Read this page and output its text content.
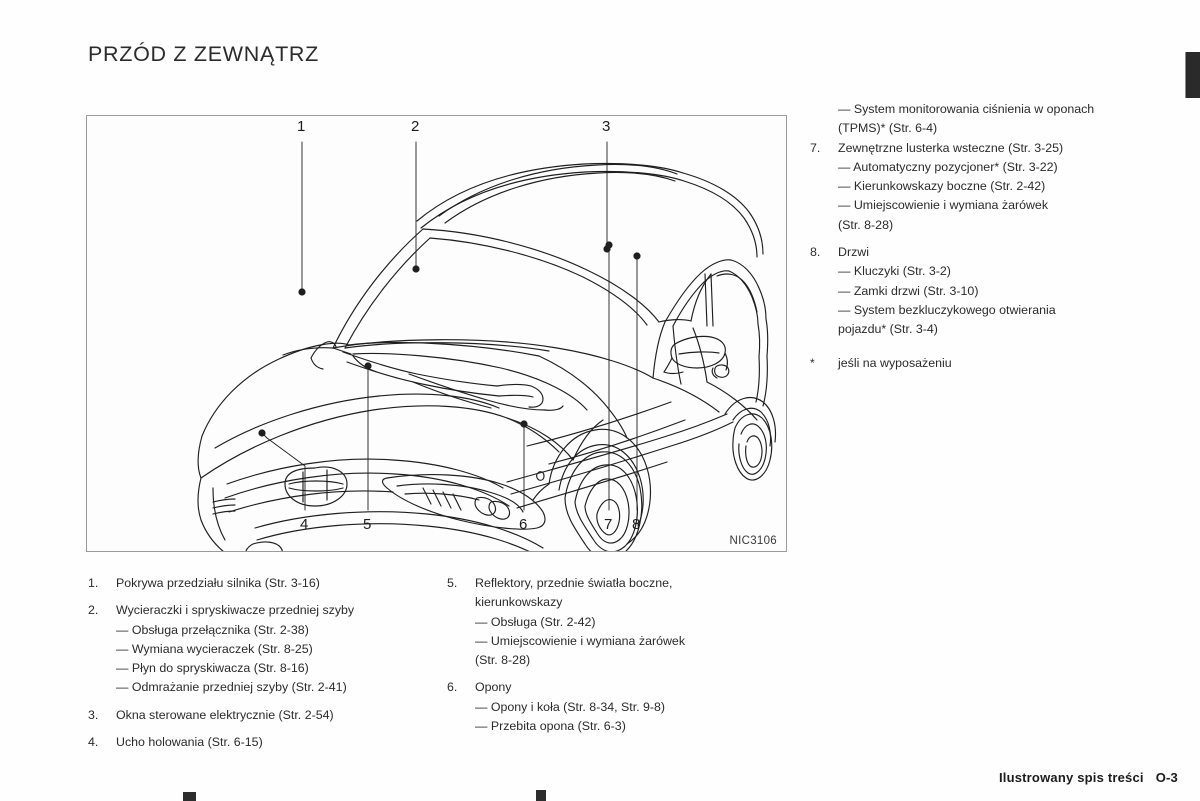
PRZÓD Z ZEWNĄTRZ
1	2	3
4	5	6	7 8
NIC3106
1.	Pokrywa przedziału silnika (Str. 3-16)
2.	Wycieraczki i spryskiwacze przedniej szyby
— Obsługa przełącznika (Str. 2-38)
— Wymiana wycieraczek (Str. 8-25)
— Płyn do spryskiwacza (Str. 8-16)
— Odmrażanie przedniej szyby (Str. 2-41)
3.	Okna sterowane elektrycznie (Str. 2-54)
4.	Ucho holowania (Str. 6-15)
5.	Reflektory, przednie światła boczne,
kierunkowskazy
— Obsługa (Str. 2-42)
— Umiejscowienie i wymiana żarówek
(Str. 8-28)
6.	Opony
— Opony i koła (Str. 8-34, Str. 9-8)
— Przebita opona (Str. 6-3)
— System monitorowania ciśnienia w oponach
(TPMS)* (Str. 6-4)
7.	Zewnętrzne lusterka wsteczne (Str. 3-25)
— Automatyczny pozycjoner* (Str. 3-22)
— Kierunkowskazy boczne (Str. 2-42)
— Umiejscowienie i wymiana żarówek
(Str. 8-28)
8.	Drzwi
— Kluczyki (Str. 3-2)
— Zamki drzwi (Str. 3-10)
— System bezkluczykowego otwierania
pojazdu* (Str. 3-4)
*	jeśli na wyposażeniu
Ilustrowany spis treści O-3
